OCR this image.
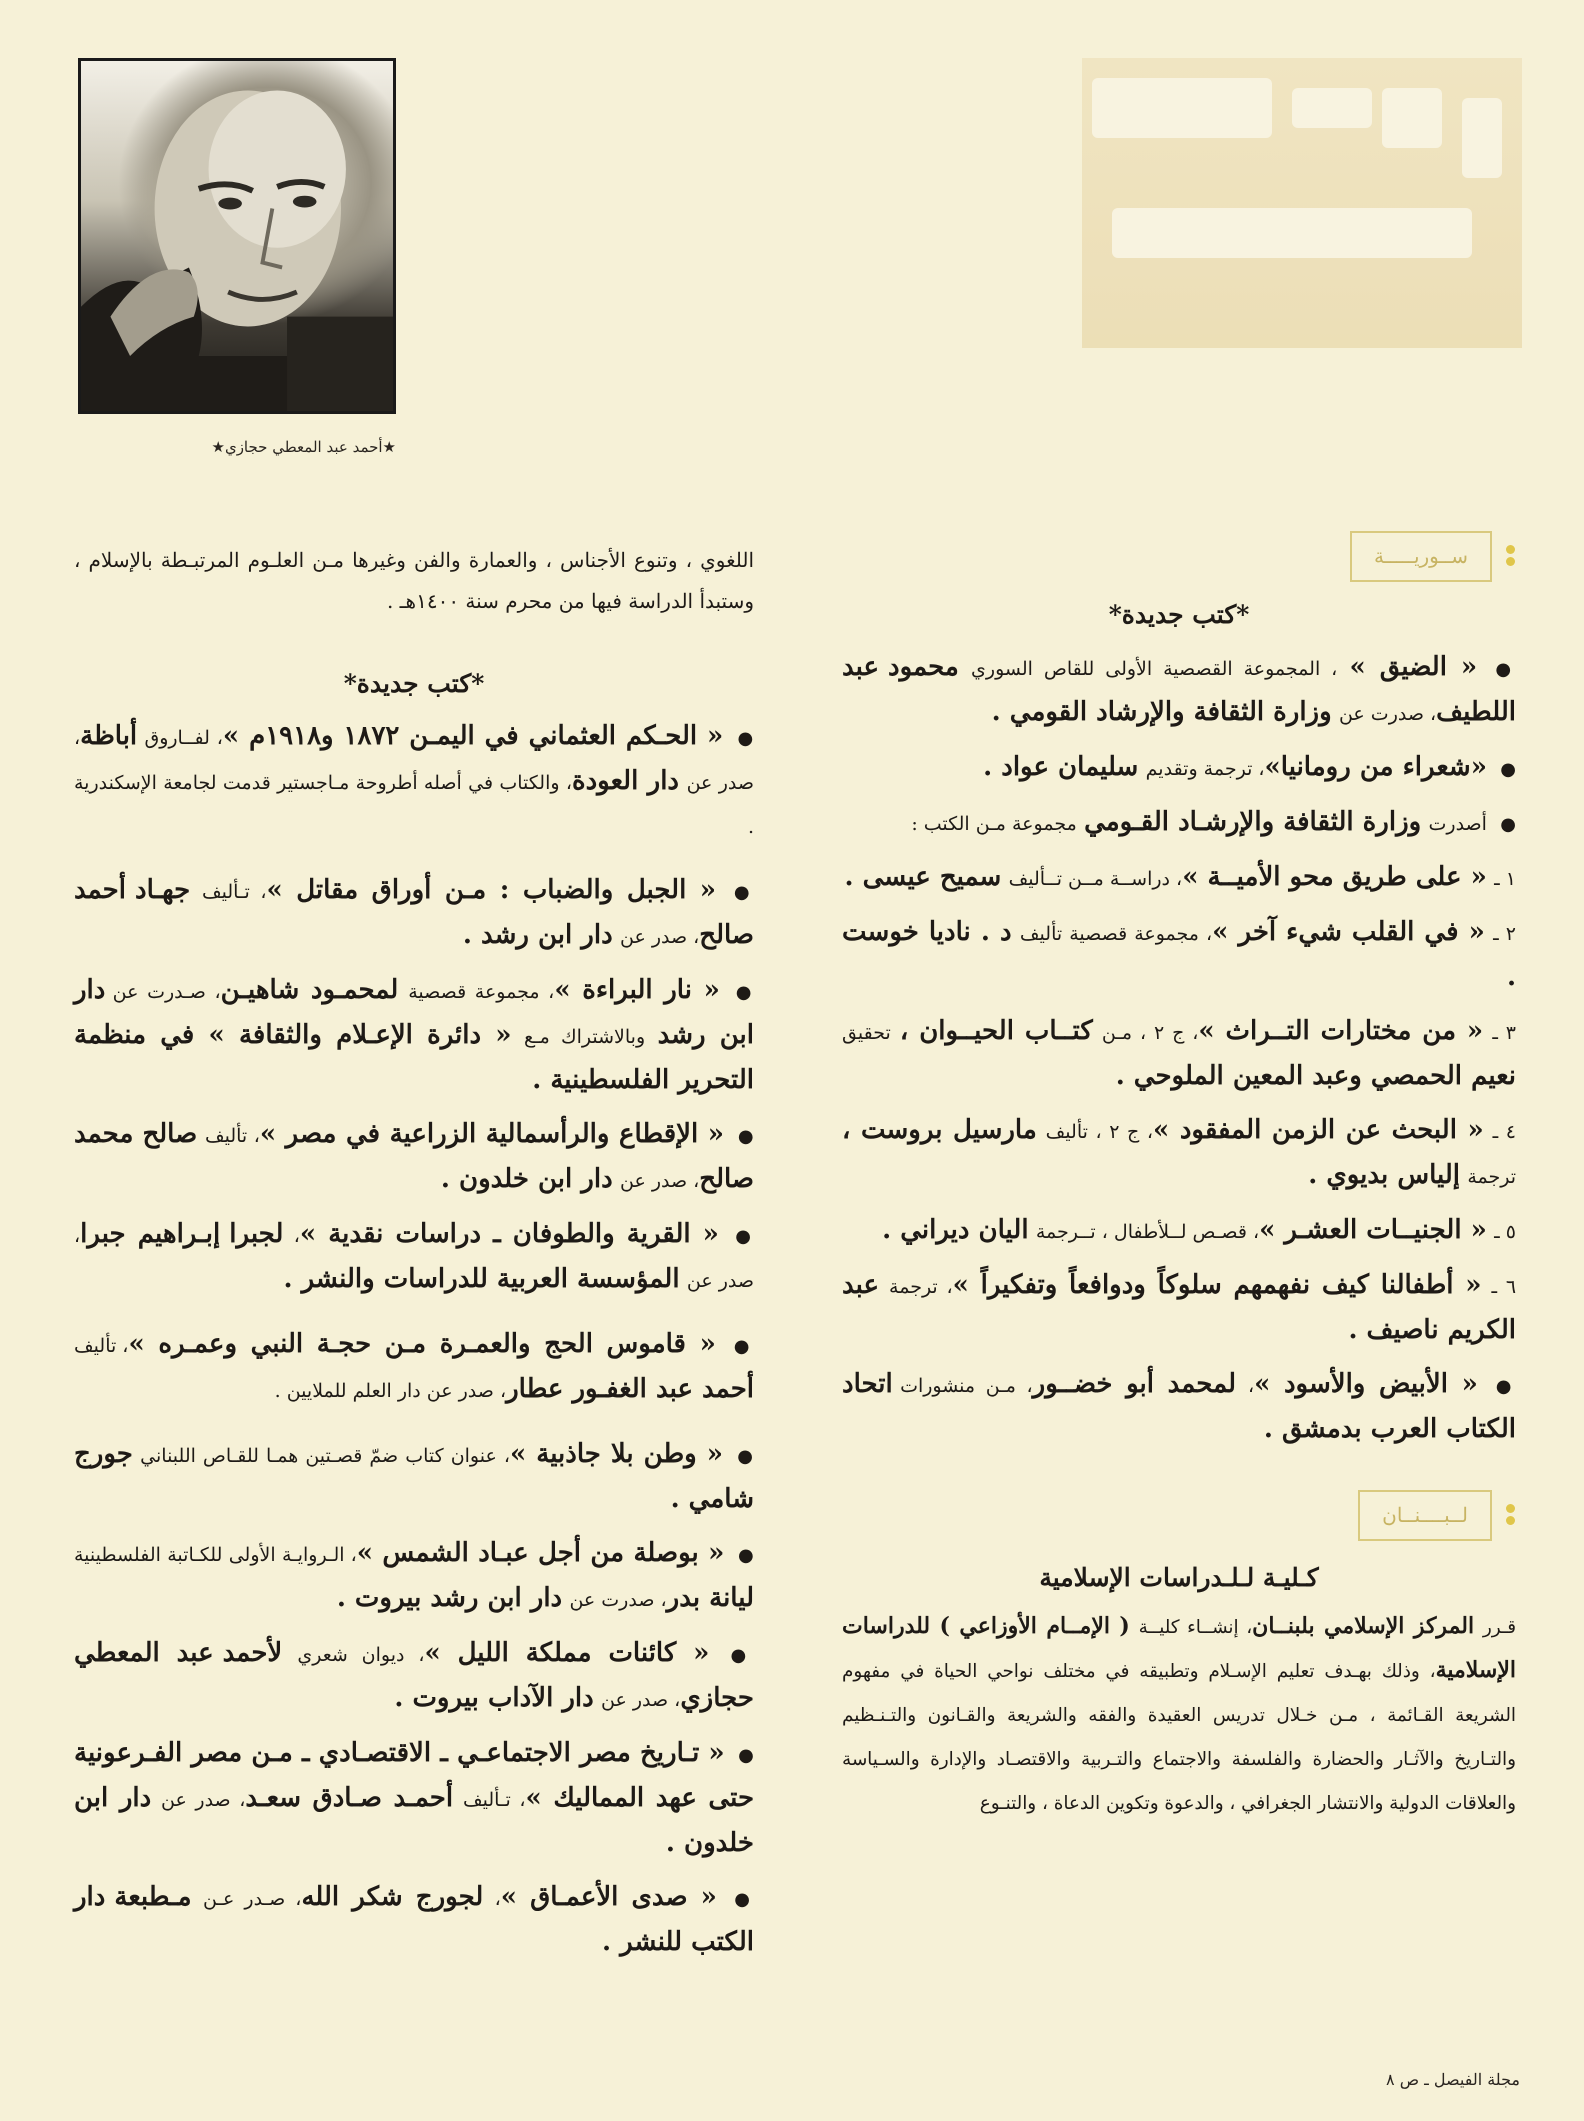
★أحمد عبد المعطي حجازي★
ســوريـــــة
*كتب جديدة*
● « الضيق » ، المجموعة القصصية الأولى للقاص السوري محمود عبد اللطيف، صدرت عن وزارة الثقافة والإرشاد القومي .
● «شعراء من رومانيا»، ترجمة وتقديم سليمان عواد .
● أصدرت وزارة الثقافة والإرشـاد القـومي مجموعة مـن الكتب :
١ ـ « على طريق محو الأميــة »، دراســة مــن تــأليف سميح عيسى .
٢ ـ « في القلب شيء آخر »، مجموعة قصصية تأليف د . ناديا خوست .
٣ ـ « من مختارات التــراث »، ج ٢ ، مـن كتــاب الحيــوان ، تحقيق نعيم الحمصي وعبد المعين الملوحي .
٤ ـ « البحث عن الزمن المفقود »، ج ٢ ، تأليف مارسيل بروست ، ترجمة إلياس بديوي .
٥ ـ « الجنيــات العشـر »، قصـص لــلأطفال ، تــرجمة اليان ديراني .
٦ ـ « أطفالنا كيف نفهمهم سلوكاً ودوافعاً وتفكيراً »، ترجمة عبد الكريم ناصيف .
● « الأبيض والأسود »، لمحمد أبو خضــور، مـن منشورات اتحاد الكتاب العرب بدمشق .
لــبــــنــان
كـليـة لـلـدراسات الإسلامية
قـرر المركز الإسلامي بلبنــان، إنشــاء كليــة ( الإمــام الأوزاعي ) للدراسات الإسلامية، وذلك بهـدف تعليم الإسـلام وتطبيقه في مختلف نواحي الحياة في مفهوم الشريعة القـائمة ، مـن خـلال تدريس العقيدة والفقه والشريعة والقـانون والتـنـظيم والتـاريخ والآثـار والحضارة والفلسفة والاجتماع والتـربية والاقتصـاد والإدارة والسـياسة والعلاقات الدولية والانتشار الجغرافي ، والدعوة وتكوين الدعاة ، والتنـوع
اللغوي ، وتنوع الأجناس ، والعمارة والفن وغيرها مـن العلـوم المرتبـطة بالإسلام ، وستبدأ الدراسة فيها من محرم سنة ١٤٠٠هـ .
*كتب جديدة*
● « الحـكم العثماني في اليمـن ١٨٧٢ و١٩١٨م »، لفــاروق أباظة، صدر عن دار العودة، والكتاب في أصله أطروحة مـاجستير قدمت لجامعة الإسكندرية .
● « الجبل والضباب : مـن أوراق مقاتل »، تـأليف جهـاد أحمد صالح، صدر عن دار ابن رشد .
● « نار البراءة »، مجموعة قصصية لمحمـود شاهيـن، صـدرت عن دار ابن رشد وبالاشتراك مـع « دائرة الإعـلام والثقافة » في منظمة التحرير الفلسطينية .
● « الإقطاع والرأسمالية الزراعية في مصر »، تأليف صالح محمد صالح، صدر عن دار ابن خلدون .
● « القرية والطوفان ـ دراسات نقدية »، لجبرا إبـراهيم جبرا، صدر عن المؤسسة العربية للدراسات والنشر .
● « قاموس الحج والعمـرة مـن حجـة النبي وعمـره »، تأليف أحمد عبد الغفـور عطار، صدر عن دار العلم للملايين .
● « وطن بلا جاذبية »، عنوان كتاب ضمّ قصـتين همـا للقـاص اللبناني جورج شامي .
● « بوصلة من أجل عبـاد الشمس »، الـروايـة الأولى للكـاتبة الفلسطينية ليانة بدر، صدرت عن دار ابن رشد بيروت .
● « كائنات مملكة الليل »، ديوان شعري لأحمد عبد المعطي حجازي، صدر عن دار الآداب بيروت .
● « تـاريخ مصر الاجتماعـي ـ الاقتصـادي ـ مـن مصر الفـرعونية حتى عهد المماليك »، تـأليف أحمـد صـادق سعـد، صدر عن دار ابن خلدون .
● « صدى الأعمـاق »، لجورج شكر الله، صـدر عـن مـطبعة دار الكتب للنشر .
مجلة الفيصل ـ ص ٨
